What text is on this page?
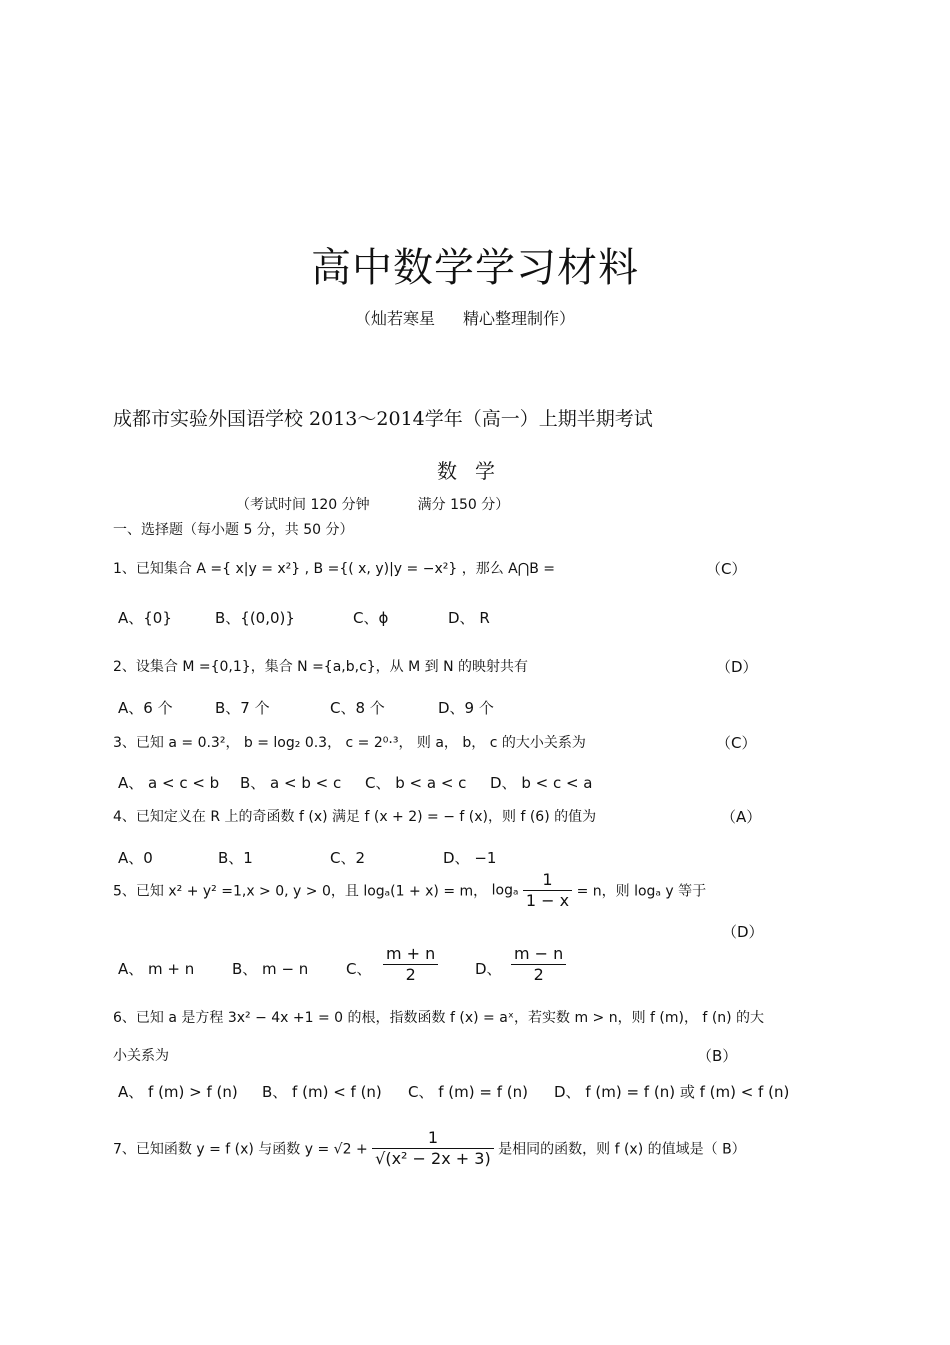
高中数学学习材料
（灿若寒星 精心整理制作）
成都市实验外国语学校 2013～2014学年（高一）上期半期考试
数学
（考试时间 120 分钟	满分 150 分）
一、选择题（每小题 5 分，共 50 分）
1、已知集合 A ={ x|y = x²} , B ={( x, y)|y = −x²} ，那么 A⋂B =	（C）
A、{0}	B、{(0,0)}	C、ϕ	D、 R
2、设集合 M ={0,1}，集合 N ={a,b,c}，从 M 到 N 的映射共有	（D）
A、6 个	B、7 个	C、8 个	D、9 个
3、已知 a = 0.3²， b = log₂ 0.3， c = 2⁰·³， 则 a， b， c 的大小关系为	（C）
A、 a < c < b B、 a < b < c C、 b < a < c D、 b < c < a
4、已知定义在 R 上的奇函数 f (x) 满足 f (x + 2) = − f (x)，则 f (6) 的值为	（A）
A、0	B、1	C、2	D、 −1
5、已知 x² + y² =1,x > 0, y > 0，且 logₐ(1 + x) = m， logₐ $\frac{1}{1 - x} = n$，则 logₐ y 等于
（D）
A、 m + n	B、 m − n	C、 $\frac{m + n}{2}$ D、 $\frac{m - n}{2}$
6、已知 a 是方程 3x² − 4x +1 = 0 的根，指数函数 f (x) = aˣ，若实数 m > n，则 f (m)， f (n) 的大
小关系为	（B）
A、 f (m) > f (n) B、 f (m) < f (n) C、 f (m) = f (n) D、 f (m) = f (n) 或 f (m) < f (n)
7、已知函数 y = f (x) 与函数 $y = √2 + \frac{1}{\text{√(x² − 2x + 3)}}$ 是相同的函数，则 f (x) 的值域是（ B）
